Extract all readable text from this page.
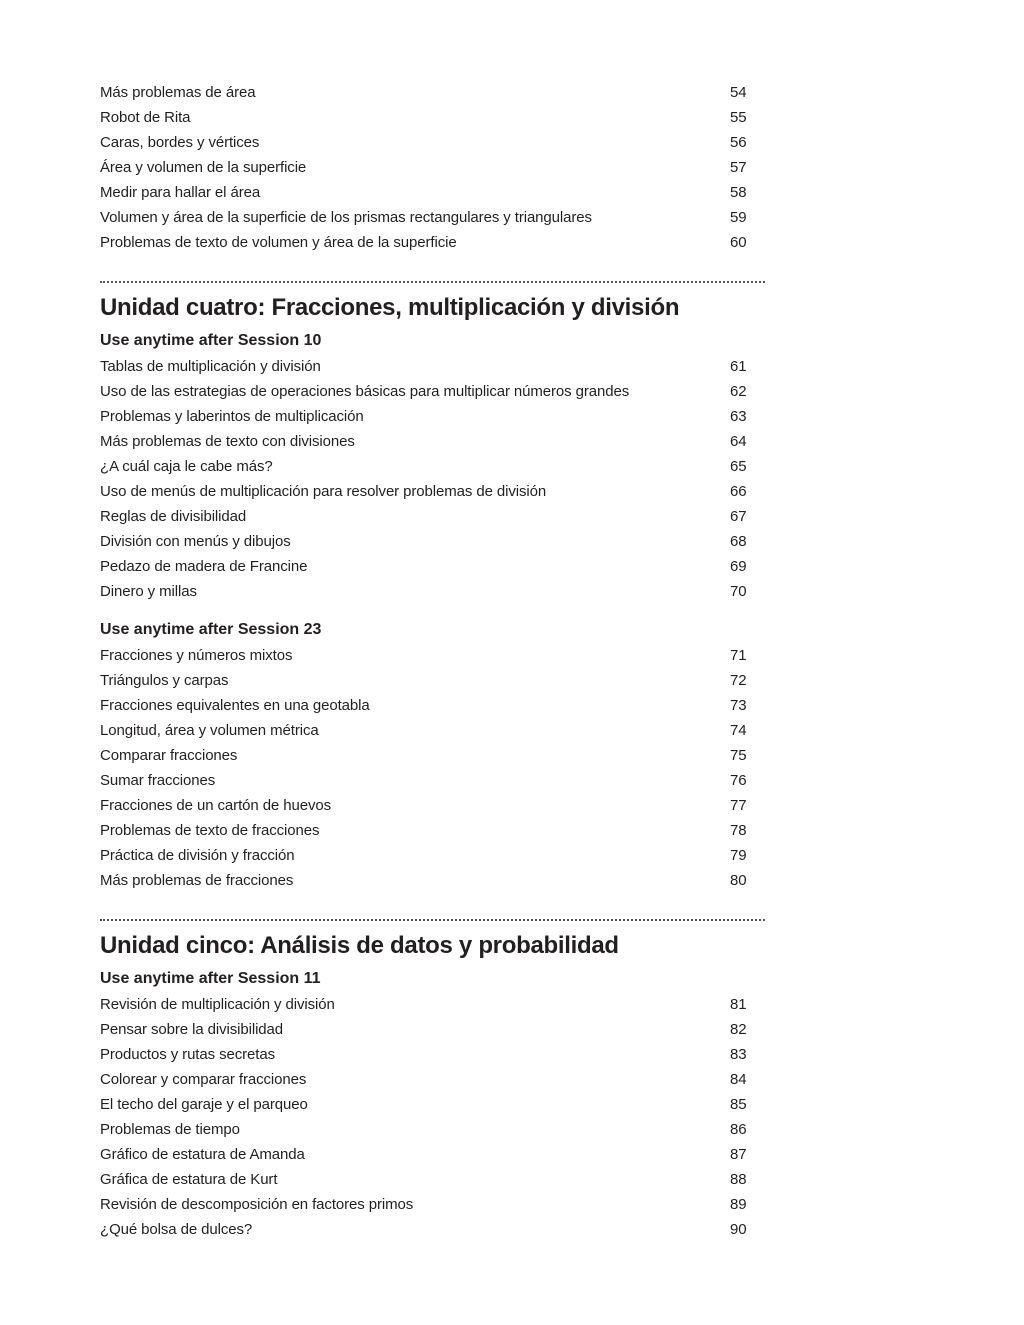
Más problemas de área	54
Robot de Rita	55
Caras, bordes y vértices	56
Área y volumen de la superficie	57
Medir para hallar el área	58
Volumen y área de la superficie de los prismas rectangulares y triangulares	59
Problemas de texto de volumen y área de la superficie	60
Unidad cuatro: Fracciones, multiplicación y división
Use anytime after Session 10
Tablas de multiplicación y división	61
Uso de las estrategias de operaciones básicas para multiplicar números grandes	62
Problemas y laberintos de multiplicación	63
Más problemas de texto con divisiones	64
¿A cuál caja le cabe más?	65
Uso de menús de multiplicación para resolver problemas de división	66
Reglas de divisibilidad	67
División con menús y dibujos	68
Pedazo de madera de Francine	69
Dinero y millas	70
Use anytime after Session 23
Fracciones y números mixtos	71
Triángulos y carpas	72
Fracciones equivalentes en una geotabla	73
Longitud, área y volumen métrica	74
Comparar fracciones	75
Sumar fracciones	76
Fracciones de un cartón de huevos	77
Problemas de texto de fracciones	78
Práctica de división y fracción	79
Más problemas de fracciones	80
Unidad cinco: Análisis de datos y probabilidad
Use anytime after Session 11
Revisión de multiplicación y división	81
Pensar sobre la divisibilidad	82
Productos y rutas secretas	83
Colorear y comparar fracciones	84
El techo del garaje y el parqueo	85
Problemas de tiempo	86
Gráfico de estatura de Amanda	87
Gráfica de estatura de Kurt	88
Revisión de descomposición en factores primos	89
¿Qué bolsa de dulces?	90
